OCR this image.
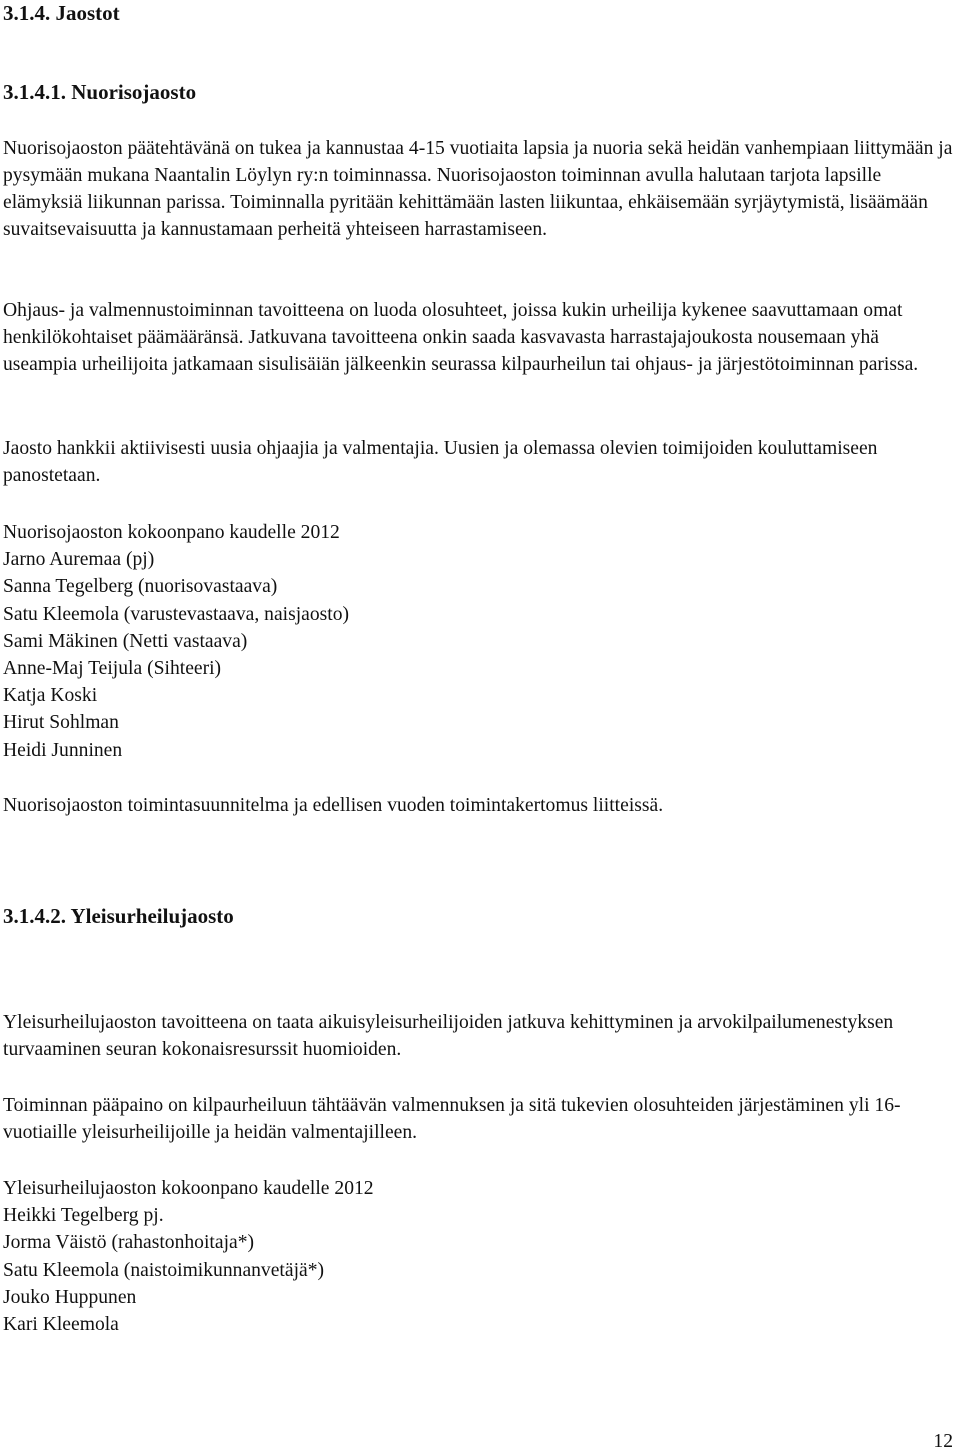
3.1.4. Jaostot
3.1.4.1. Nuorisojaosto

Nuorisojaoston päätehtävänä on tukea ja kannustaa 4-15 vuotiaita lapsia ja nuoria sekä heidän vanhempiaan liittymään ja pysymään mukana Naantalin Löylyn ry:n toiminnassa. Nuorisojaoston toiminnan avulla halutaan tarjota lapsille elämyksiä liikunnan parissa. Toiminnalla pyritään kehittämään lasten liikuntaa, ehkäisemään syrjäytymistä, lisäämään suvaitsevaisuutta ja kannustamaan perheitä yhteiseen harrastamiseen.

Ohjaus- ja valmennustoiminnan tavoitteena on luoda olosuhteet, joissa kukin urheilija kykenee saavuttamaan omat henkilökohtaiset päämääränsä. Jatkuvana tavoitteena onkin saada kasvavasta harrastajajoukosta nousemaan yhä useampia urheilijoita jatkamaan sisulisäiän jälkeenkin seurassa kilpaurheilun tai ohjaus- ja järjestötoiminnan parissa.

Jaosto hankkii aktiivisesti uusia ohjaajia ja valmentajia. Uusien ja olemassa olevien toimijoiden kouluttamiseen panostetaan.

Nuorisojaoston kokoonpano kaudelle 2012

Jarno Auremaa (pj)

Sanna Tegelberg (nuorisovastaava)

Satu Kleemola (varustevastaava, naisjaosto)

Sami Mäkinen (Netti vastaava)

Anne-Maj Teijula (Sihteeri)

Katja Koski

Hirut Sohlman

Heidi Junninen

Nuorisojaoston toimintasuunnitelma ja edellisen vuoden toimintakertomus liitteissä.

3.1.4.2. Yleisurheilujaosto

Yleisurheilujaoston tavoitteena on taata aikuisyleisurheilijoiden jatkuva kehittyminen ja arvokilpailumenestyksen turvaaminen seuran kokonaisresurssit huomioiden.

Toiminnan pääpaino on kilpaurheiluun tähtäävän valmennuksen ja sitä tukevien olosuhteiden järjestäminen yli 16-vuotiaille yleisurheilijoille ja heidän valmentajilleen.

Yleisurheilujaoston kokoonpano kaudelle 2012

Heikki Tegelberg pj.

Jorma Väistö (rahastonhoitaja*)

Satu Kleemola (naistoimikunnanvetäjä*)

Jouko Huppunen

Kari Kleemola

12
